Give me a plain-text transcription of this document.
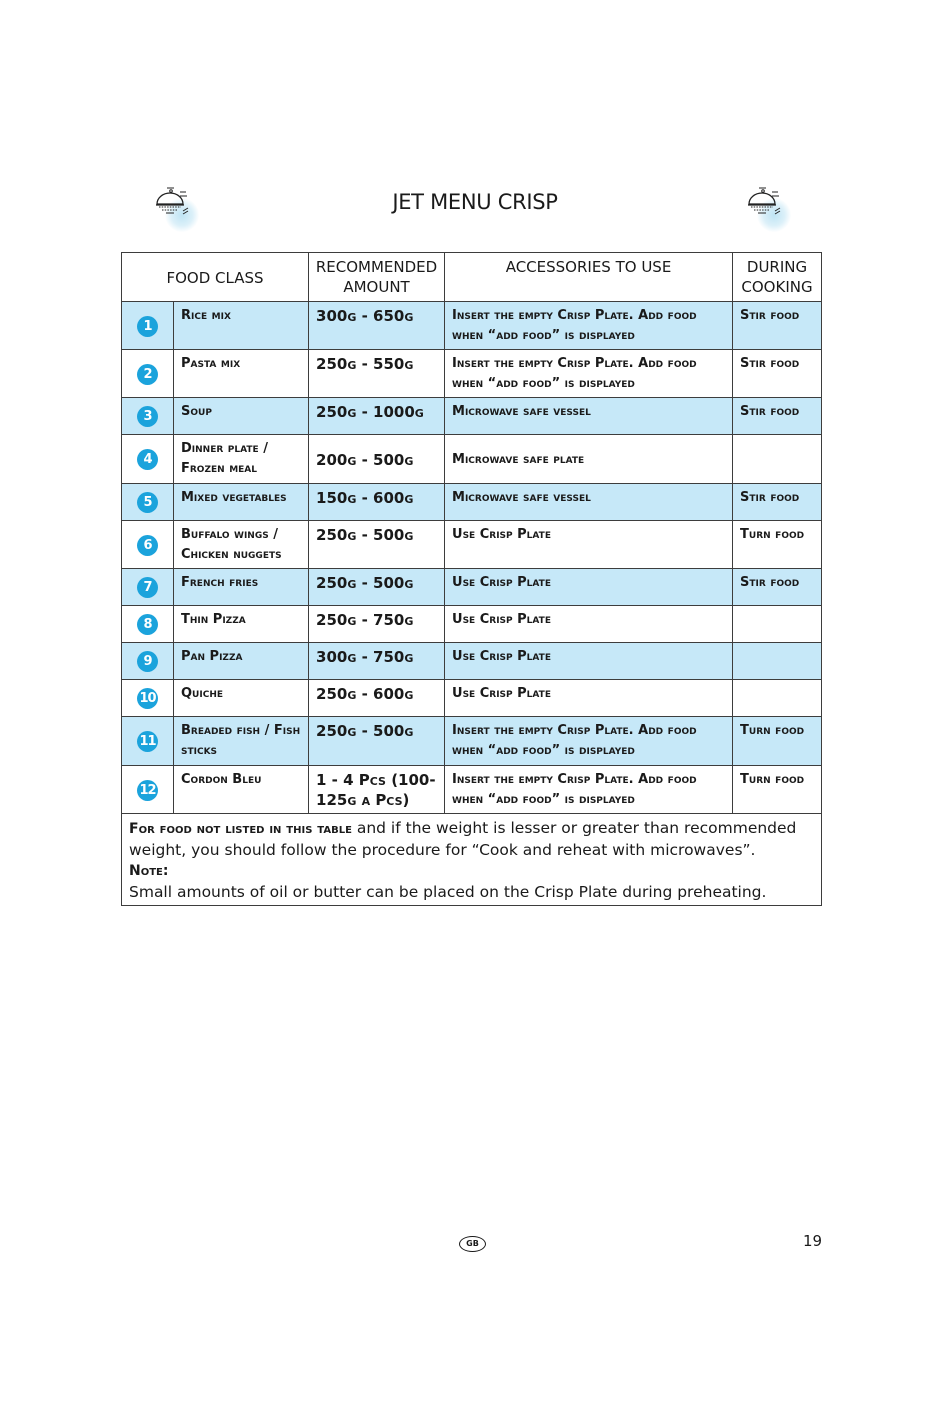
JET MENU CRISP
FOOD CLASS		RECOMMENDED AMOUNT	ACCESSORIES TO USE	DURING COOKING
1	Rice mix	300g - 650g	Insert the empty Crisp Plate. Add food when “add food” is displayed	Stir food
2	Pasta mix	250g - 550g	Insert the empty Crisp Plate. Add food when “add food” is displayed	Stir food
3	Soup	250g - 1000g	Microwave safe vessel	Stir food
4	Dinner plate / Frozen meal	200g - 500g	Microwave safe plate	
5	Mixed vegetables	150g - 600g	Microwave safe vessel	Stir food
6	Buffalo wings / Chicken nuggets	250g - 500g	Use Crisp Plate	Turn food
7	French fries	250g - 500g	Use Crisp Plate	Stir food
8	Thin Pizza	250g - 750g	Use Crisp Plate	
9	Pan Pizza	300g - 750g	Use Crisp Plate	
10	Quiche	250g - 600g	Use Crisp Plate	
11	Breaded fish / Fish sticks	250g - 500g	Insert the empty Crisp Plate. Add food when “add food” is displayed	Turn food
12	Cordon Bleu	1 - 4 Pcs (100-125g a Pcs)	Insert the empty Crisp Plate. Add food when “add food” is displayed	Turn food
For food not listed in this table and if the weight is lesser or greater than recommended weight, you should follow the procedure for “Cook and reheat with microwaves”.
Note:
Small amounts of oil or butter can be placed on the Crisp Plate during preheating.				
GB	19
